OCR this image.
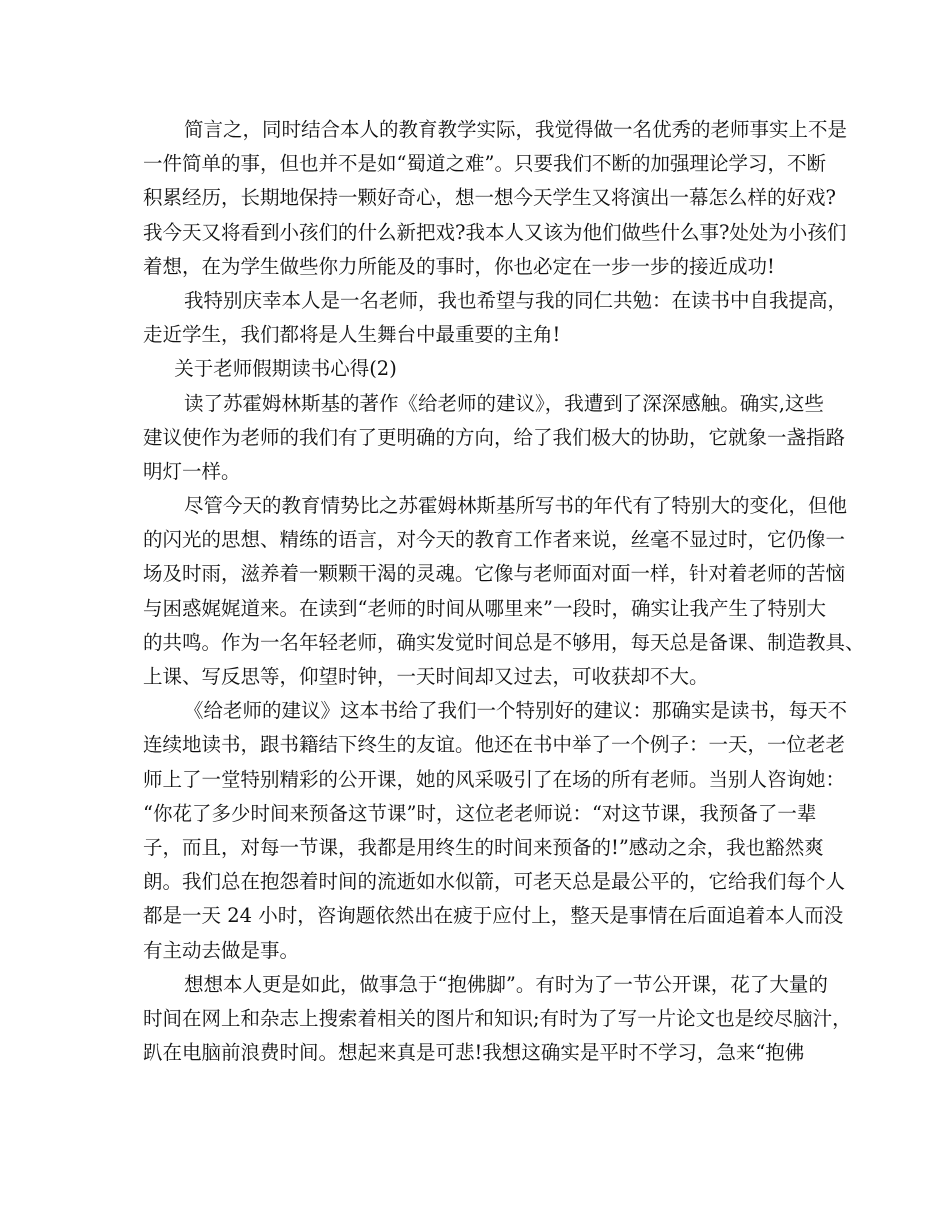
简言之，同时结合本人的教育教学实际，我觉得做一名优秀的老师事实上不是
一件简单的事，但也并不是如“蜀道之难”。只要我们不断的加强理论学习，不断
积累经历，长期地保持一颗好奇心，想一想今天学生又将演出一幕怎么样的好戏?
我今天又将看到小孩们的什么新把戏?我本人又该为他们做些什么事?处处为小孩们
着想，在为学生做些你力所能及的事时，你也必定在一步一步的接近成功!
我特别庆幸本人是一名老师，我也希望与我的同仁共勉：在读书中自我提高，
走近学生，我们都将是人生舞台中最重要的主角!
关于老师假期读书心得(2)
读了苏霍姆林斯基的著作《给老师的建议》，我遭到了深深感触。确实,这些
建议使作为老师的我们有了更明确的方向，给了我们极大的协助，它就象一盏指路
明灯一样。
尽管今天的教育情势比之苏霍姆林斯基所写书的年代有了特别大的变化，但他
的闪光的思想、精练的语言，对今天的教育工作者来说，丝毫不显过时，它仍像一
场及时雨，滋养着一颗颗干渴的灵魂。它像与老师面对面一样，针对着老师的苦恼
与困惑娓娓道来。在读到“老师的时间从哪里来”一段时，确实让我产生了特别大
的共鸣。作为一名年轻老师，确实发觉时间总是不够用，每天总是备课、制造教具、
上课、写反思等，仰望时钟，一天时间却又过去，可收获却不大。
《给老师的建议》这本书给了我们一个特别好的建议：那确实是读书，每天不
连续地读书，跟书籍结下终生的友谊。他还在书中举了一个例子：一天，一位老老
师上了一堂特别精彩的公开课，她的风采吸引了在场的所有老师。当别人咨询她：
“你花了多少时间来预备这节课”时，这位老老师说：“对这节课，我预备了一辈
子，而且，对每一节课，我都是用终生的时间来预备的!”感动之余，我也豁然爽
朗。我们总在抱怨着时间的流逝如水似箭，可老天总是最公平的，它给我们每个人
都是一天 24 小时，咨询题依然出在疲于应付上，整天是事情在后面追着本人而没
有主动去做是事。
想想本人更是如此，做事急于“抱佛脚”。有时为了一节公开课，花了大量的
时间在网上和杂志上搜索着相关的图片和知识;有时为了写一片论文也是绞尽脑汁，
趴在电脑前浪费时间。想起来真是可悲!我想这确实是平时不学习，急来“抱佛
